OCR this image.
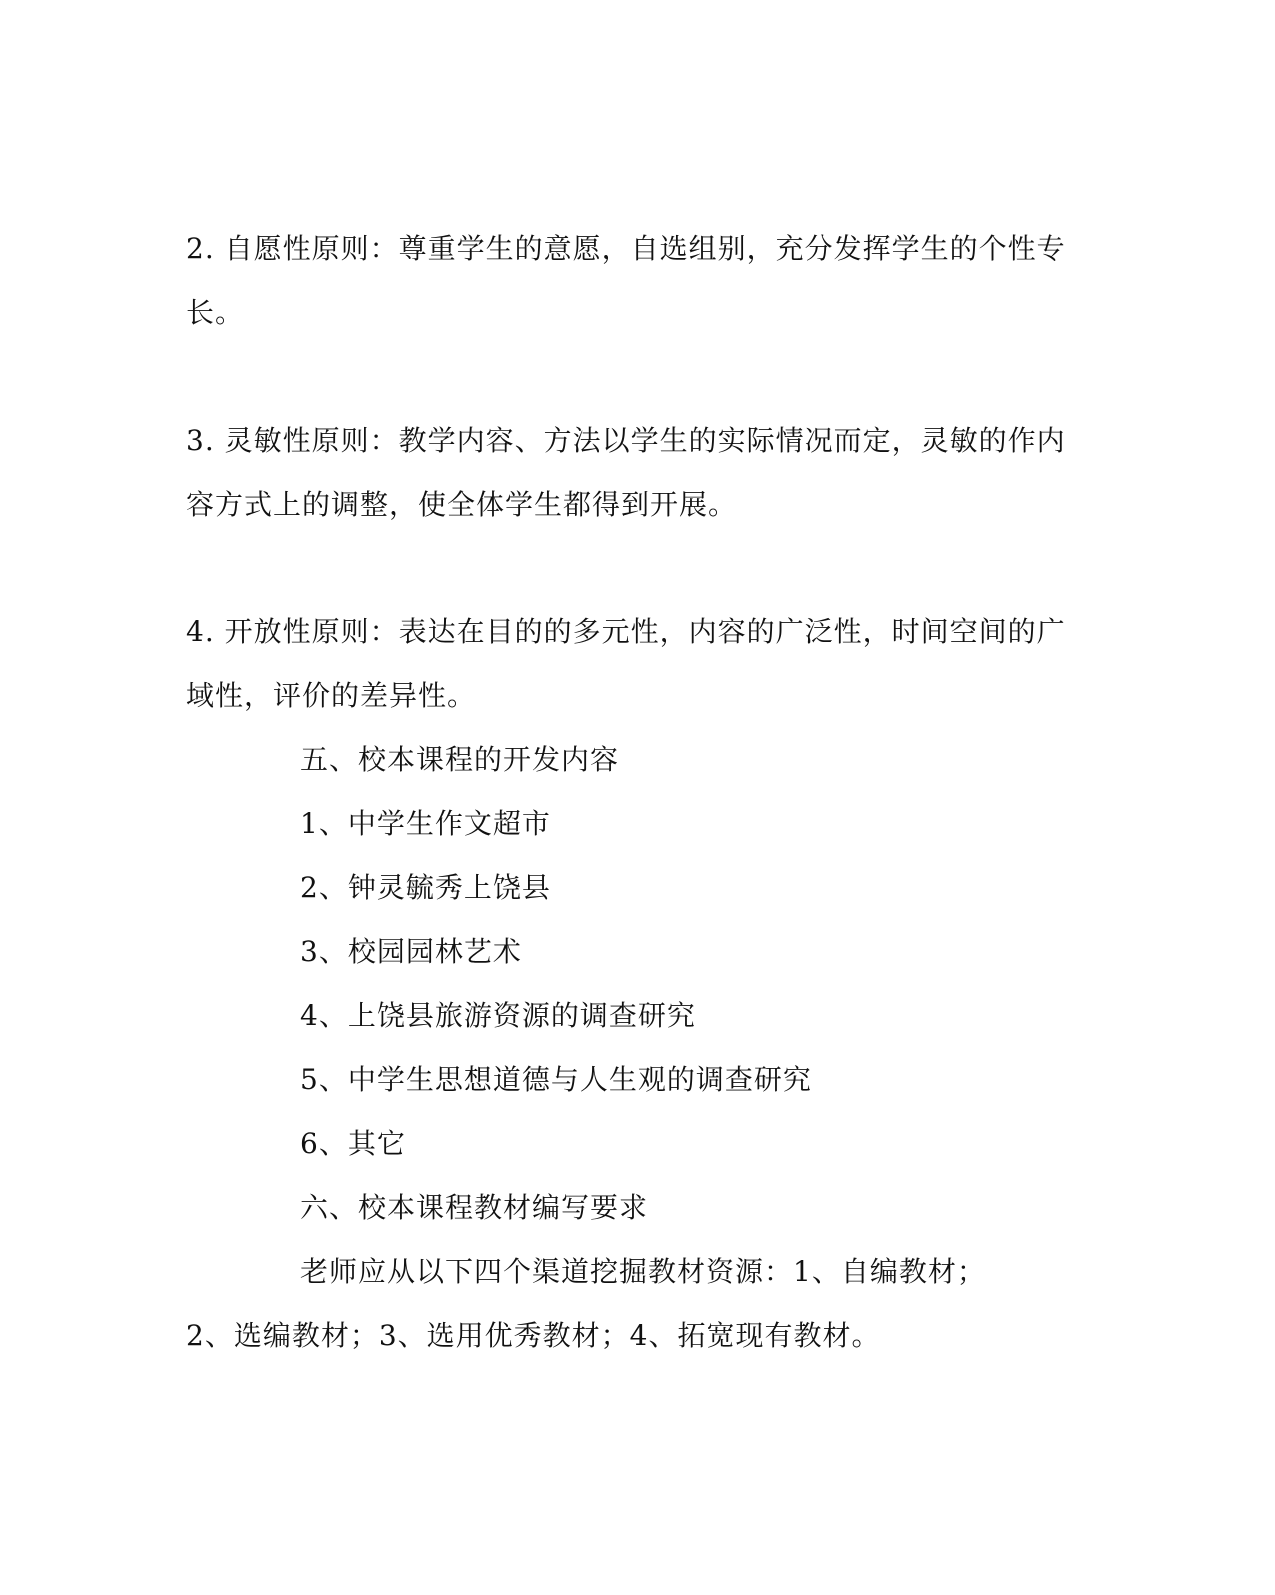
2. 自愿性原则：尊重学生的意愿，自选组别，充分发挥学生的个性专
长。
3. 灵敏性原则：教学内容、方法以学生的实际情况而定，灵敏的作内
容方式上的调整，使全体学生都得到开展。
4. 开放性原则：表达在目的的多元性，内容的广泛性，时间空间的广
域性，评价的差异性。
五、校本课程的开发内容
1、中学生作文超市
2、钟灵毓秀上饶县
3、校园园林艺术
4、上饶县旅游资源的调查研究
5、中学生思想道德与人生观的调查研究
6、其它
六、校本课程教材编写要求
老师应从以下四个渠道挖掘教材资源：1、自编教材；
2、选编教材；3、选用优秀教材；4、拓宽现有教材。
